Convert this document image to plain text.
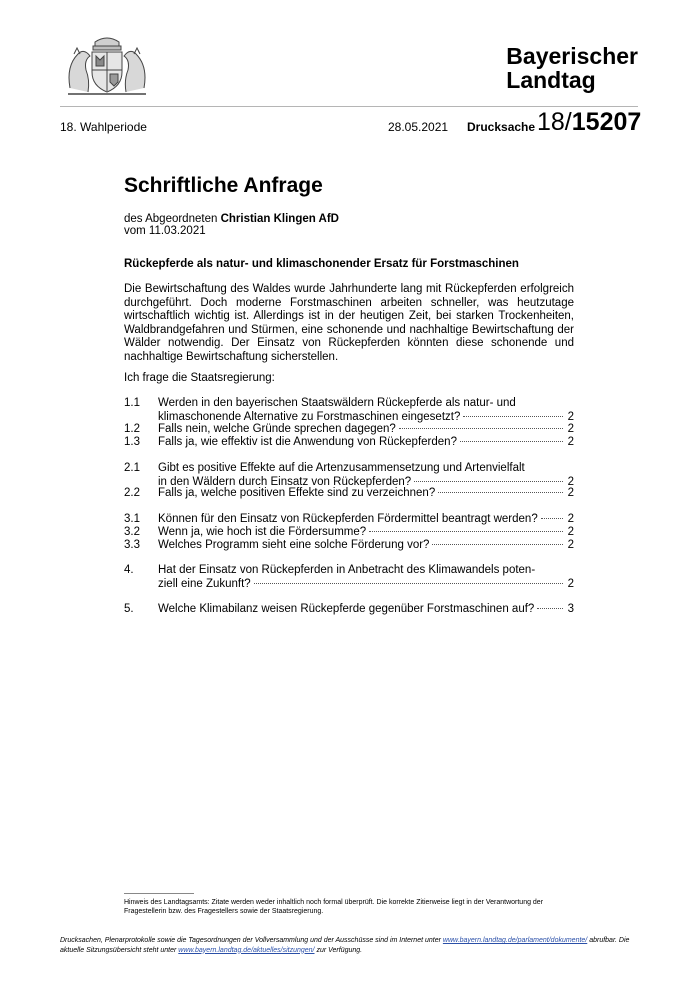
Bayerischer
Landtag
18. Wahlperiode	28.05.2021 Drucksache 18/15207
Schriftliche Anfrage
des Abgeordneten Christian Klingen AfD
vom 11.03.2021
Rückepferde als natur- und klimaschonender Ersatz für Forstmaschinen
Die Bewirtschaftung des Waldes wurde Jahrhunderte lang mit Rückepferden erfolgreich durchgeführt. Doch moderne Forstmaschinen arbeiten schneller, was heutzutage wirtschaftlich wichtig ist. Allerdings ist in der heutigen Zeit, bei starken Trockenheiten, Waldbrandgefahren und Stürmen, eine schonende und nachhaltige Bewirtschaftung der Wälder notwendig. Der Einsatz von Rückepferden könnten diese schonende und nachhaltige Bewirtschaftung sicherstellen.
Ich frage die Staatsregierung:
1.1 Werden in den bayerischen Staatswäldern Rückepferde als natur- und
klimaschonende Alternative zu Forstmaschinen eingesetzt?	2
1.2 Falls nein, welche Gründe sprechen dagegen?	2
1.3 Falls ja, wie effektiv ist die Anwendung von Rückepferden?	2
2.1 Gibt es positive Effekte auf die Artenzusammensetzung und Artenvielfalt
in den Wäldern durch Einsatz von Rückepferden?	2
2.2 Falls ja, welche positiven Effekte sind zu verzeichnen?	2
3.1 Können für den Einsatz von Rückepferden Fördermittel beantragt werden?	2
3.2 Wenn ja, wie hoch ist die Fördersumme?	2
3.3 Welches Programm sieht eine solche Förderung vor?	2
4. Hat der Einsatz von Rückepferden in Anbetracht des Klimawandels poten-
ziell eine Zukunft?	2
5. Welche Klimabilanz weisen Rückepferde gegenüber Forstmaschinen auf?	3
Hinweis des Landtagsamts: Zitate werden weder inhaltlich noch formal überprüft. Die korrekte Zitierweise liegt in der Verantwortung der Fragestellerin bzw. des Fragestellers sowie der Staatsregierung.
Drucksachen, Plenarprotokolle sowie die Tagesordnungen der Vollversammlung und der Ausschüsse sind im Internet unter www.bayern.landtag.de/parlament/dokumente/ abrufbar. Die aktuelle Sitzungsübersicht steht unter www.bayern.landtag.de/aktuelles/sitzungen/ zur Verfügung.
